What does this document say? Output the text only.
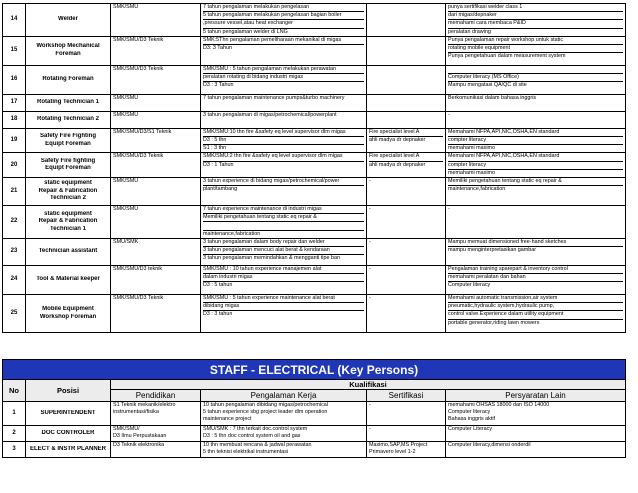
14	Welder	SMK/SMU	7 tahun pengalaman melakukan pengelasan
5 tahun pengalaman melakukan pengelasan bagian boiler
,pressure vessel,atau heat exchanger
5 tahun pengalaman welder di LNG		punya sertifikasi welder class 1
dari migas/depnaker
memahami cara membaca P&ID
peralatan drawing

15	Workshop Mechanical
Foreman	SMK/SMU/D3 Teknik	SMK:5Thn pengalaman pemeliharaan mekanikal di migas
D3: 3 Tahun		Punya pengalaman repair workshop untuk static
rotating mobile equipment
Punya pengetahuan dalam measurement system

16	Rotating Foreman	SMK/SMU/D3 Teknik	SMK/SMU : 5 tahun pengalaman melakukan perawatan
peralatan rotating di bidang industri migas
D3 : 3 Tahun		Computer literacy (MS Office)
Mampu mengatasi QA/QC di site

17	Rotating Technician 1	SMK/SMU	7 tahun pengalaman maintenance pumps&turbo machinery		Berkomunikasi dalam bahasa inggris

18	Rotating Technician 2	SMK/SMU	3 tahun pengalaman di migas/petrochemical/powerplant		-

19	Safety Fire Fighting
Equipt Foreman	SMK/SMU/D3/S1 Teknik	SMK/SMU:10 thn fire &safety eq level supervisor dlm migas
D3 : 5 thn
S1 : 3 thn	Fire specialist level A
ahli madya dr depnaker	Memahami NFPA,API,NIC,OSHA,EN standard
compter literacy
memahami maximo

20	Safety Fire fighting
Equipt Foreman	SMK/SMU/D3 Teknik	SMK/SMU:2 thn fire &safety eq level supervisor dlm migas
D3 : 1 Tahun	Fire specialist level A
ahli madya dr depnaker	Memahami NFPA,API,NIC,OSHA,EN standard
compter literacy
memahami maximo

21	static equipment
Repair & Fabrication
Technician 2	SMK/SMU	3 tahun experience di bidang migas/petrochemical/power
plant/tambang	-	Memiliki pengetahuan tentang static eq repair &
maintenance,fabrication

22	static equipment
Repair & Fabrication
Technician 1	SMK/SMU	7 tahun experience maintenance di industri migas
Memiliki pengetahuan tentang static eq repair &

maintenance,fabrication	-	-

23	Technician assistant	SMU/SMK	3 tahun pengalaman dalam body repair dan welder
3 tahun pengalaman mencuci alat berat & kendaraan
3 tahun pengalaman memindahkan & mengganti tipe ban	-	Mampu memuat dimensioned free-hand sketches
mampu menginterpretasikan gambar

24	Tool & Material keeper	SMK/SMU/D3 teknik	SMK/SMU : 10 tahun experience manajemen alat
dalam industri migas
D3 : 5 tahun	-	Pengalaman training sparepart & inventory control
memahami peralatan dan bahan
Computer literacy

25	Mobile Equipment
Workshop Foreman	SMK/SMU/D3 Teknik	SMK/SMU : 5 tahun experience maintenance alat berat
dibidang migas
D3 : 3 tahun	-	Memahami automatic transmission,air system
pneumatic,hydraulic system,hydraulic pump,
control valve.Experience dalam utility equipment
portable generator,riding lawn mowers
STAFF - ELECTRICAL (Key Persons)					
No	Posisi	Kualifikasi			
		Pendidikan	Pengalaman Kerja	Sertifikasi	Persyaratan Lain
1	SUPERINTENDENT	S1 Teknik mekanik/elektro
instrumentasi/fisika	10 tahun pengalaman dibidang migas/petrochemical
5 tahun experience sbg project leader dlm operation
maintenance project	-	memahami OHSAS 18000 dan ISO 14000
Computer literacy
Bahasa inggris aktif

2	DOC CONTROLER	SMK/SMU/
D3 Ilmu Perpustakaan	SMU/SMK : 7 thn terkait doc.control system
D3 : 5 thn doc control system oil and gas	-	Computer Literacy

3	ELECT & INSTR PLANNER	D3 Teknik elektronika	10 thn membuat rencana & jadwal perawatan
5 thn teknisi elektrikal instrumentasi	Maximo,SAP,MS Project
Primavero level 1-2	Computer literacy,dimensi onderdil
